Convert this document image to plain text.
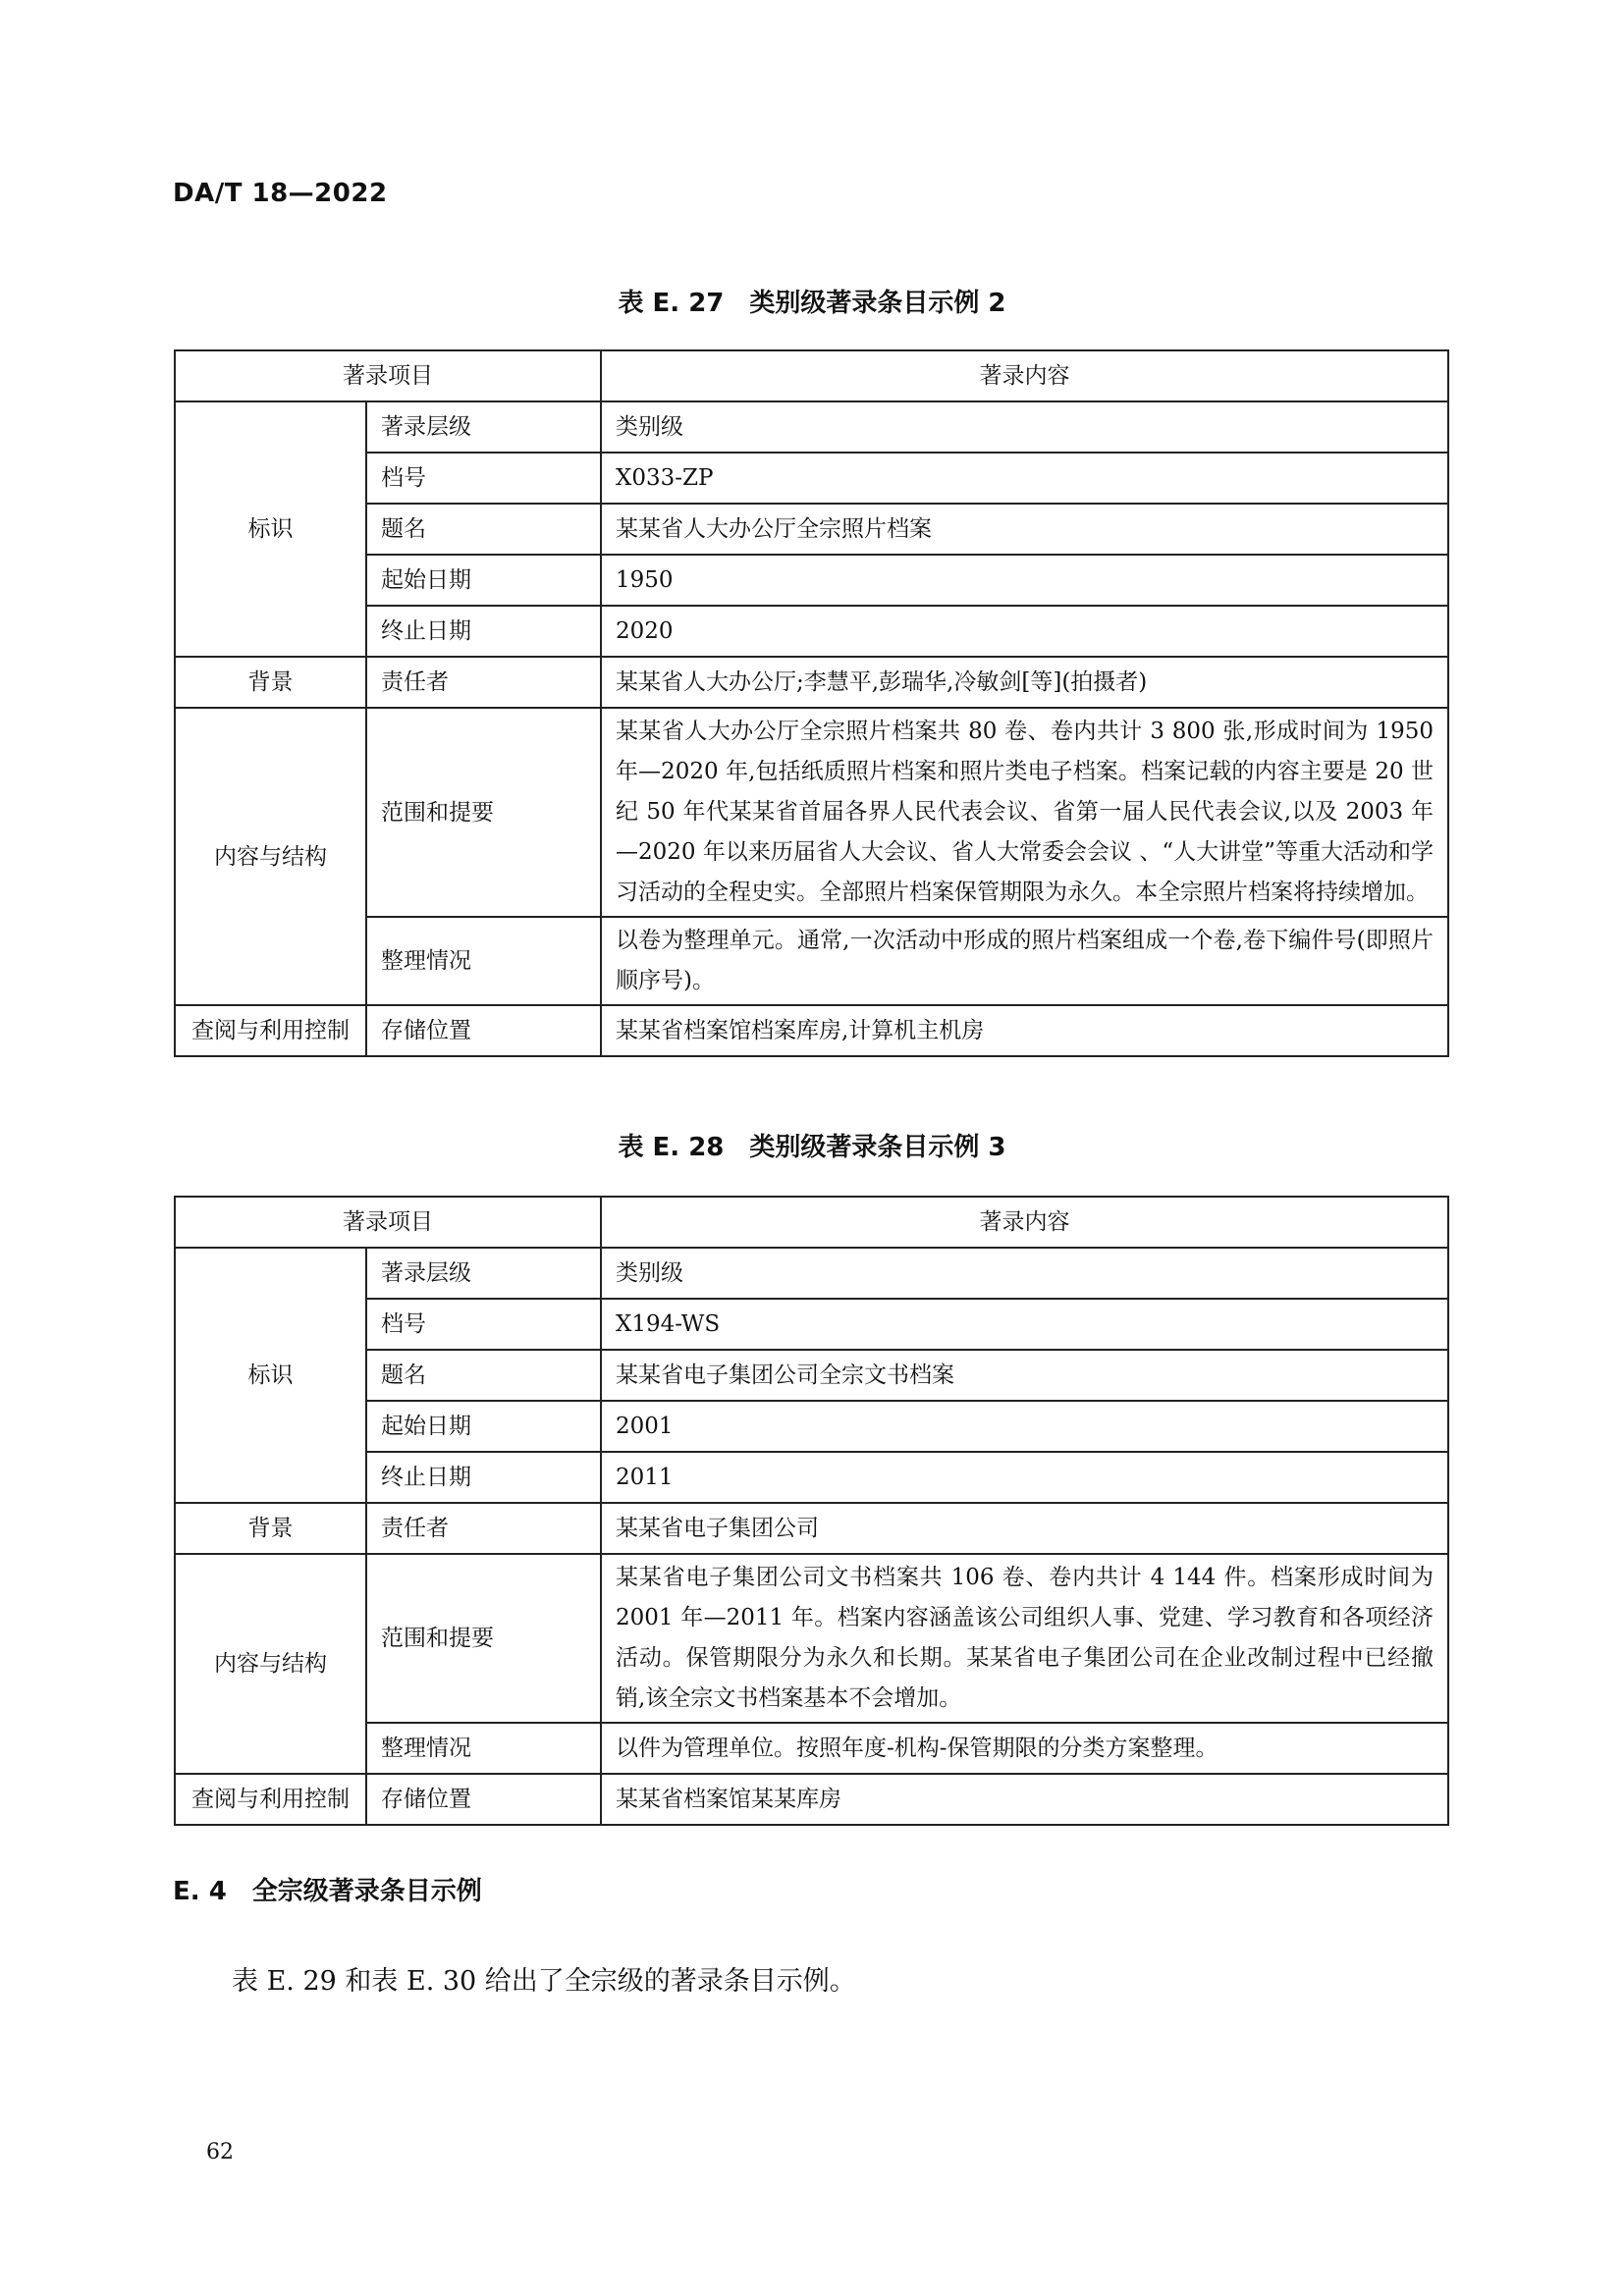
DA/T 18—2022
表 E. 27　类别级著录条目示例 2
著录项目		著录内容
标识	著录层级	类别级
	档号	X033-ZP
	题名	某某省人大办公厅全宗照片档案
	起始日期	1950
	终止日期	2020
背景	责任者	某某省人大办公厅;李慧平,彭瑞华,冷敏剑[等](拍摄者)
内容与结构	范围和提要	某某省人大办公厅全宗照片档案共 80 卷、卷内共计 3 800 张,形成时间为 1950 年—2020 年,包括纸质照片档案和照片类电子档案。档案记载的内容主要是 20 世纪 50 年代某某省首届各界人民代表会议、省第一届人民代表会议,以及 2003 年—2020 年以来历届省人大会议、省人大常委会会议 、“人大讲堂”等重大活动和学习活动的全程史实。全部照片档案保管期限为永久。本全宗照片档案将持续增加。
	整理情况	以卷为整理单元。通常,一次活动中形成的照片档案组成一个卷,卷下编件号(即照片顺序号)。
查阅与利用控制	存储位置	某某省档案馆档案库房,计算机主机房
表 E. 28　类别级著录条目示例 3
著录项目		著录内容
标识	著录层级	类别级
	档号	X194-WS
	题名	某某省电子集团公司全宗文书档案
	起始日期	2001
	终止日期	2011
背景	责任者	某某省电子集团公司
内容与结构	范围和提要	某某省电子集团公司文书档案共 106 卷、卷内共计 4 144 件。档案形成时间为 2001 年—2011 年。档案内容涵盖该公司组织人事、党建、学习教育和各项经济活动。保管期限分为永久和长期。某某省电子集团公司在企业改制过程中已经撤销,该全宗文书档案基本不会增加。
	整理情况	以件为管理单位。按照年度-机构-保管期限的分类方案整理。
查阅与利用控制	存储位置	某某省档案馆某某库房
E. 4　全宗级著录条目示例
表 E. 29 和表 E. 30 给出了全宗级的著录条目示例。
62
